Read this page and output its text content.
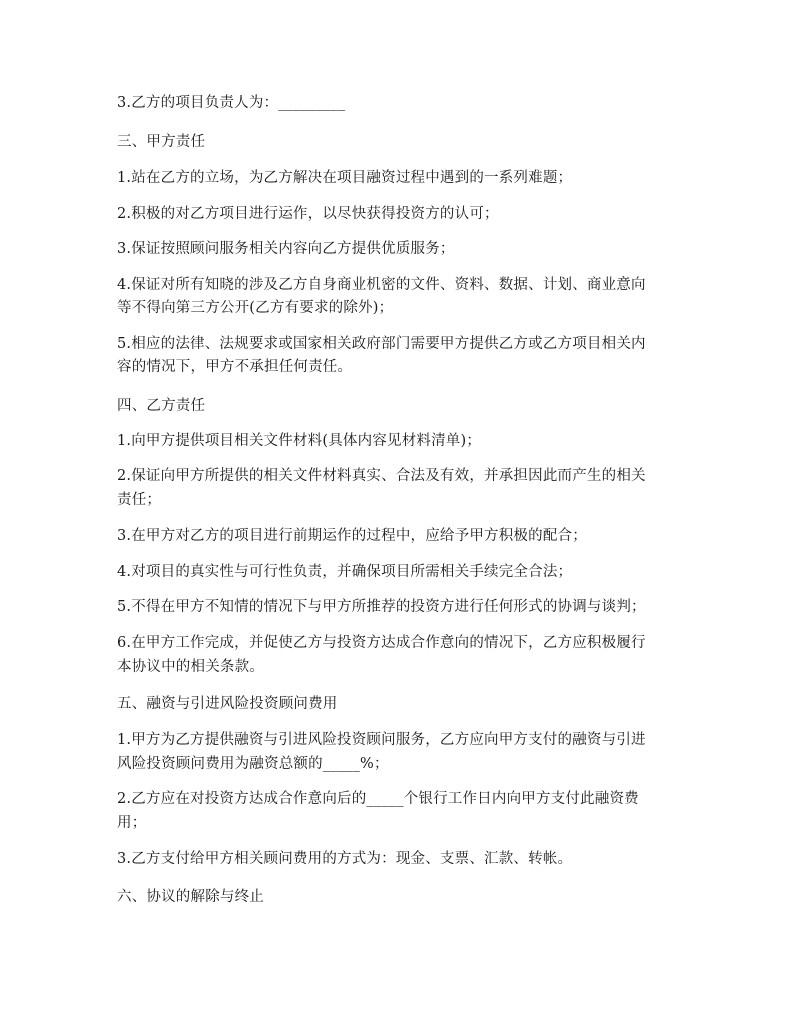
3.乙方的项目负责人为：_________
三、甲方责任
1.站在乙方的立场，为乙方解决在项目融资过程中遇到的一系列难题；
2.积极的对乙方项目进行运作，以尽快获得投资方的认可；
3.保证按照顾问服务相关内容向乙方提供优质服务；
4.保证对所有知晓的涉及乙方自身商业机密的文件、资料、数据、计划、商业意向
等不得向第三方公开(乙方有要求的除外)；
5.相应的法律、法规要求或国家相关政府部门需要甲方提供乙方或乙方项目相关内
容的情况下，甲方不承担任何责任。
四、乙方责任
1.向甲方提供项目相关文件材料(具体内容见材料清单)；
2.保证向甲方所提供的相关文件材料真实、合法及有效，并承担因此而产生的相关
责任；
3.在甲方对乙方的项目进行前期运作的过程中，应给予甲方积极的配合；
4.对项目的真实性与可行性负责，并确保项目所需相关手续完全合法；
5.不得在甲方不知情的情况下与甲方所推荐的投资方进行任何形式的协调与谈判；
6.在甲方工作完成，并促使乙方与投资方达成合作意向的情况下，乙方应积极履行
本协议中的相关条款。
五、融资与引进风险投资顾问费用
1.甲方为乙方提供融资与引进风险投资顾问服务，乙方应向甲方支付的融资与引进
风险投资顾问费用为融资总额的_____%；
2.乙方应在对投资方达成合作意向后的_____个银行工作日内向甲方支付此融资费
用；
3.乙方支付给甲方相关顾问费用的方式为：现金、支票、汇款、转帐。
六、协议的解除与终止
